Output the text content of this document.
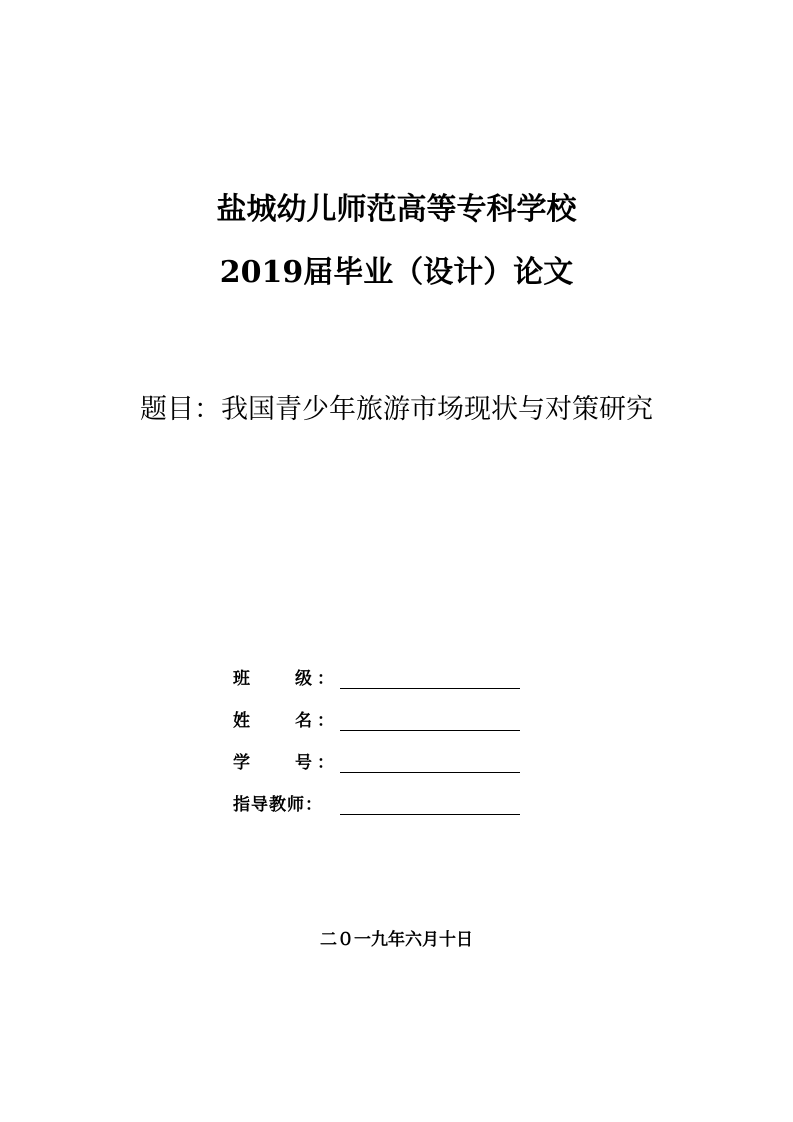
盐城幼儿师范高等专科学校
2019届毕业（设计）论文
题目：我国青少年旅游市场现状与对策研究
班	级 ：
姓	名 ：
学	号 ：
指导教师：
二０一九年六月十日
